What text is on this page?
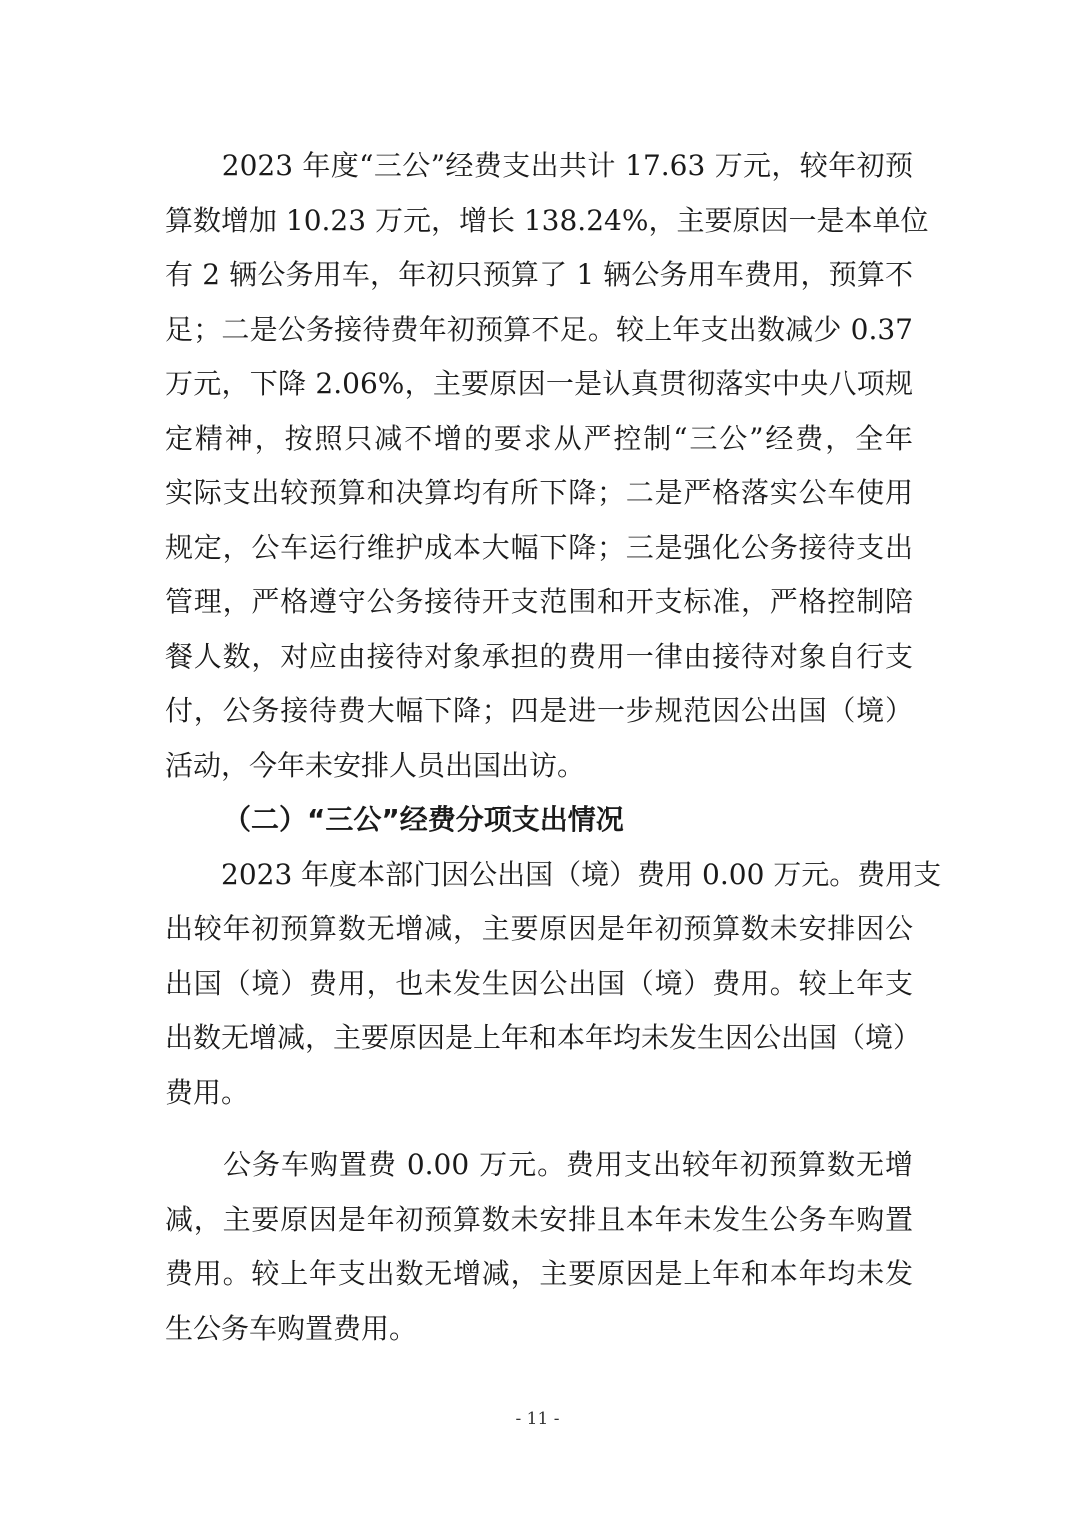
　　2023 年度“三公”经费支出共计 17.63 万元，较年初预
算数增加 10.23 万元，增长 138.24%，主要原因一是本单位
有 2 辆公务用车，年初只预算了 1 辆公务用车费用，预算不
足；二是公务接待费年初预算不足。较上年支出数减少 0.37
万元，下降 2.06%，主要原因一是认真贯彻落实中央八项规
定精神，按照只减不增的要求从严控制“三公”经费，全年
实际支出较预算和决算均有所下降；二是严格落实公车使用
规定，公车运行维护成本大幅下降；三是强化公务接待支出
管理，严格遵守公务接待开支范围和开支标准，严格控制陪
餐人数，对应由接待对象承担的费用一律由接待对象自行支
付，公务接待费大幅下降；四是进一步规范因公出国（境）
活动，今年未安排人员出国出访。
（二）“三公”经费分项支出情况
　　2023 年度本部门因公出国（境）费用 0.00 万元。费用支
出较年初预算数无增减，主要原因是年初预算数未安排因公
出国（境）费用，也未发生因公出国（境）费用。较上年支
出数无增减，主要原因是上年和本年均未发生因公出国（境）
费用。
　　公务车购置费 0.00 万元。费用支出较年初预算数无增
减，主要原因是年初预算数未安排且本年未发生公务车购置
费用。较上年支出数无增减，主要原因是上年和本年均未发
生公务车购置费用。
- 11 -
